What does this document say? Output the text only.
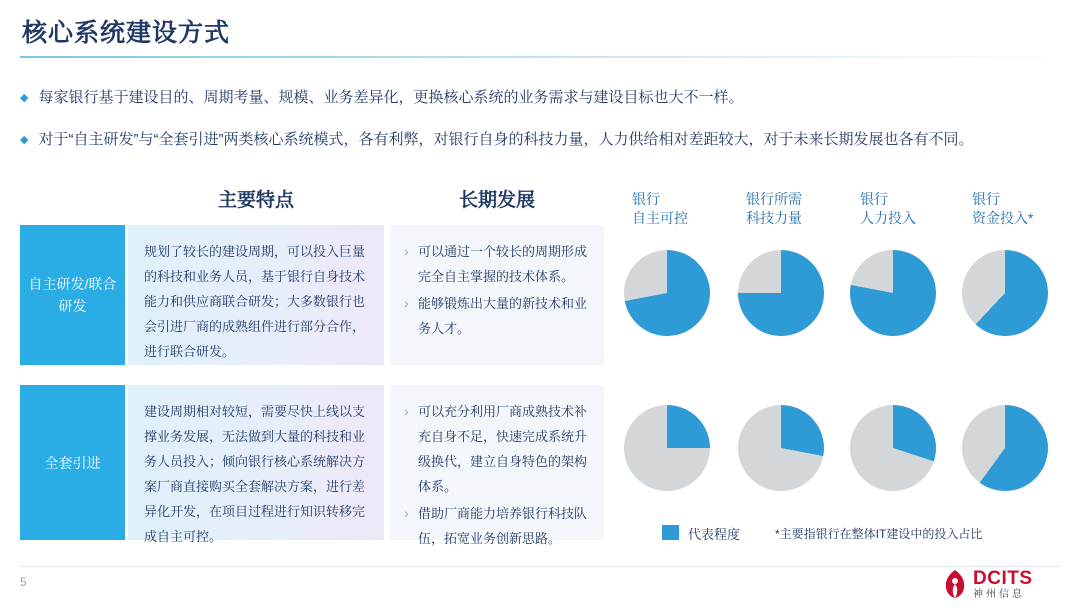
核心系统建设方式
◆ 每家银行基于建设目的、周期考量、规模、业务差异化，更换核心系统的业务需求与建设目标也大不一样。
◆ 对于“自主研发”与“全套引进”两类核心系统模式，各有利弊，对银行自身的科技力量，人力供给相对差距较大，对于未来长期发展也各有不同。
主要特点	长期发展	银行
自主可控
银行所需
科技力量
银行
人力投入
银行
资金投入*
自主研发/联合研发
规划了较长的建设周期，可以投入巨量的科技和业务人员，基于银行自身技术能力和供应商联合研发；大多数银行也会引进厂商的成熟组件进行部分合作，进行联合研发。
› 可以通过一个较长的周期形成完全自主掌握的技术体系。
› 能够锻炼出大量的新技术和业务人才。
全套引进
建设周期相对较短，需要尽快上线以支撑业务发展，无法做到大量的科技和业务人员投入；倾向银行核心系统解决方案厂商直接购买全套解决方案，进行差异化开发，在项目过程进行知识转移完成自主可控。
› 可以充分利用厂商成熟技术补充自身不足，快速完成系统升级换代，建立自身特色的架构体系。
› 借助厂商能力培养银行科技队伍，拓宽业务创新思路。	代表程度	*主要指银行在整体IT建设中的投入占比
5	DCITS
神州信息
